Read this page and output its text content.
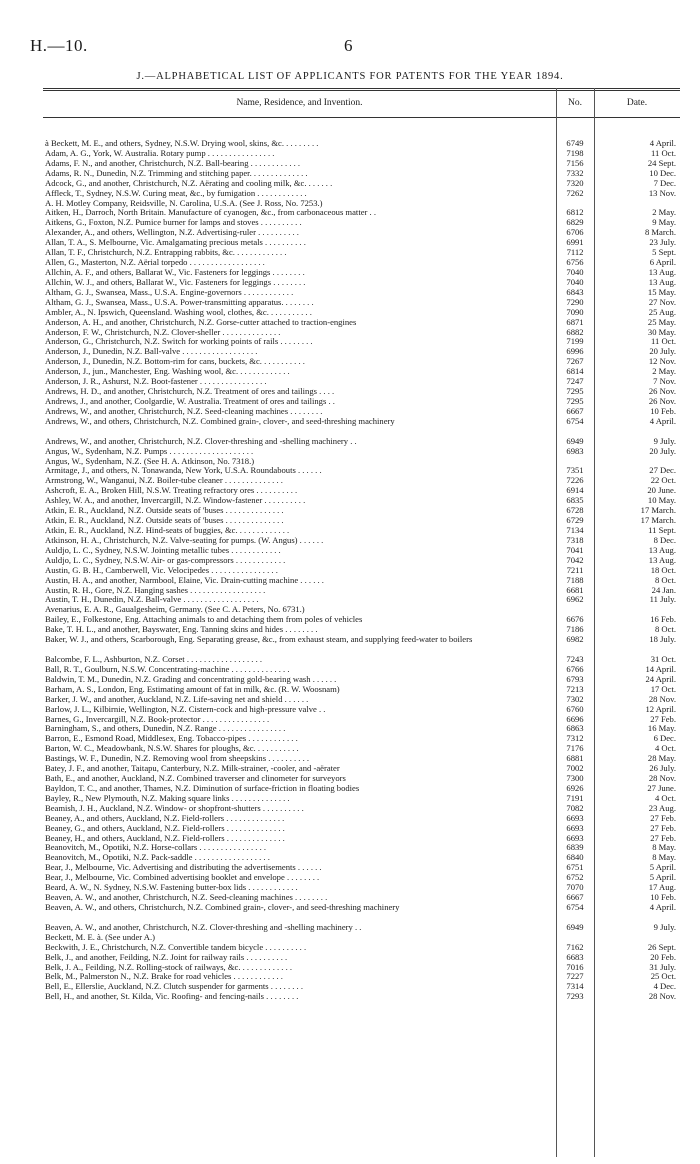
H.—10.	6
J.—ALPHABETICAL LIST OF APPLICANTS FOR PATENTS FOR THE YEAR 1894.
Name, Residence, and Invention.	No.	Date.
à Beckett, M. E., and others, Sydney, N.S.W. Drying wool, skins, &c. . . . . . . . .	6749	4 April.
Adam, A. G., York, W. Australia. Rotary pump . . . . . . . . . . . . . . . .	7198	11 Oct.
Adams, F. N., and another, Christchurch, N.Z. Ball-bearing . . . . . . . . . . . .	7156	24 Sept.
Adams, R. N., Dunedin, N.Z. Trimming and stitching paper. . . . . . . . . . . . . .	7332	10 Dec.
Adcock, G., and another, Christchurch, N.Z. Aërating and cooling milk, &c. . . . . . .	7320	7 Dec.
Affleck, T., Sydney, N.S.W. Curing meat, &c., by fumigation . . . . . . . . . . . .	7262	13 Nov.
A. H. Motley Company, Reidsville, N. Carolina, U.S.A. (See J. Ross, No. 7253.)
Aitken, H., Darroch, North Britain. Manufacture of cyanogen, &c., from carbonaceous matter . .	6812	2 May.
Aitkens, G., Foxton, N.Z. Pumice burner for lamps and stoves . . . . . . . . . .	6829	9 May.
Alexander, A., and others, Wellington, N.Z. Advertising-ruler . . . . . . . . . .	6706	8 March.
Allan, T. A., S. Melbourne, Vic. Amalgamating precious metals . . . . . . . . . .	6991	23 July.
Allan, T. F., Christchurch, N.Z. Entrapping rabbits, &c. . . . . . . . . . . . .	7112	5 Sept.
Allen, G., Masterton, N.Z. Aërial torpedo . . . . . . . . . . . . . . . . . .	6756	6 April.
Allchin, A. F., and others, Ballarat W., Vic. Fasteners for leggings . . . . . . . .	7040	13 Aug.
Allchin, W. J., and others, Ballarat W., Vic. Fasteners for leggings . . . . . . . .	7040	13 Aug.
Altham, G. J., Swansea, Mass., U.S.A. Engine-governors . . . . . . . . . . . .	6843	15 May.
Altham, G. J., Swansea, Mass., U.S.A. Power-transmitting apparatus. . . . . . . .	7290	27 Nov.
Ambler, A., N. Ipswich, Queensland. Washing wool, clothes, &c. . . . . . . . . . .	7090	25 Aug.
Anderson, A. H., and another, Christchurch, N.Z. Gorse-cutter attached to traction-engines	6871	25 May.
Anderson, F. W., Christchurch, N.Z. Clover-sheller . . . . . . . . . . . . . .	6882	30 May.
Anderson, G., Christchurch, N.Z. Switch for working points of rails . . . . . . . .	7199	11 Oct.
Anderson, J., Dunedin, N.Z. Ball-valve . . . . . . . . . . . . . . . . . .	6996	20 July.
Anderson, J., Dunedin, N.Z. Bottom-rim for cans, buckets, &c. . . . . . . . . . .	7267	12 Nov.
Anderson, J., jun., Manchester, Eng. Washing wool, &c. . . . . . . . . . . . .	6814	2 May.
Anderson, J. R., Ashurst, N.Z. Boot-fastener . . . . . . . . . . . . . . . .	7247	7 Nov.
Andrews, H. D., and another, Christchurch, N.Z. Treatment of ores and tailings . . . .	7295	26 Nov.
Andrews, J., and another, Coolgardie, W. Australia. Treatment of ores and tailings . .	7295	26 Nov.
Andrews, W., and another, Christchurch, N.Z. Seed-cleaning machines . . . . . . . .	6667	10 Feb.
Andrews, W., and others, Christchurch, N.Z. Combined grain-, clover-, and seed-threshing machinery	6754	4 April.
Andrews, W., and another, Christchurch, N.Z. Clover-threshing and -shelling machinery . .	6949	9 July.
Angus, W., Sydenham, N.Z. Pumps . . . . . . . . . . . . . . . . . . . .	6983	20 July.
Angus, W., Sydenham, N.Z. (See H. A. Atkinson, No. 7318.)
Armitage, J., and others, N. Tonawanda, New York, U.S.A. Roundabouts . . . . . .	7351	27 Dec.
Armstrong, W., Wanganui, N.Z. Boiler-tube cleaner . . . . . . . . . . . . . .	7226	22 Oct.
Ashcroft, E. A., Broken Hill, N.S.W. Treating refractory ores . . . . . . . . . .	6914	20 June.
Ashley, W. A., and another, Invercargill, N.Z. Window-fastener . . . . . . . . . .	6835	10 May.
Atkin, E. R., Auckland, N.Z. Outside seats of 'buses . . . . . . . . . . . . . .	6728	17 March.
Atkin, E. R., Auckland, N.Z. Outside seats of 'buses . . . . . . . . . . . . . .	6729	17 March.
Atkin, E. R., Auckland, N.Z. Hind-seats of buggies, &c. . . . . . . . . . . . .	7134	11 Sept.
Atkinson, H. A., Christchurch, N.Z. Valve-seating for pumps. (W. Angus) . . . . . .	7318	8 Dec.
Auldjo, L. C., Sydney, N.S.W. Jointing metallic tubes . . . . . . . . . . . .	7041	13 Aug.
Auldjo, L. C., Sydney, N.S.W. Air- or gas-compressors . . . . . . . . . . . .	7042	13 Aug.
Austin, G. B. H., Camberwell, Vic. Velocipedes . . . . . . . . . . . . . . . .	7211	18 Oct.
Austin, H. A., and another, Narmbool, Elaine, Vic. Drain-cutting machine . . . . . .	7188	8 Oct.
Austin, R. H., Gore, N.Z. Hanging sashes . . . . . . . . . . . . . . . . . .	6681	24 Jan.
Austin, T. H., Dunedin, N.Z. Ball-valve . . . . . . . . . . . . . . . . . .	6962	11 July.
Avenarius, E. A. R., Gaualgesheim, Germany. (See C. A. Peters, No. 6731.)
Bailey, E., Folkestone, Eng. Attaching animals to and detaching them from poles of vehicles	6676	16 Feb.
Bake, T. H. L., and another, Bayswater, Eng. Tanning skins and hides . . . . . . . .	7186	8 Oct.
Baker, W. J., and others, Scarborough, Eng. Separating grease, &c., from exhaust steam, and supplying feed-water to boilers	6982	18 July.
Balcombe, F. L., Ashburton, N.Z. Corset . . . . . . . . . . . . . . . . . .	7243	31 Oct.
Ball, R. T., Goulburn, N.S.W. Concentrating-machine . . . . . . . . . . . . . .	6766	14 April.
Baldwin, T. M., Dunedin, N.Z. Grading and concentrating gold-bearing wash . . . . . .	6793	24 April.
Barham, A. S., London, Eng. Estimating amount of fat in milk, &c. (R. W. Woosnam)	7213	17 Oct.
Barker, J. W., and another, Auckland, N.Z. Life-saving net and shield . . . . . .	7302	28 Nov.
Barlow, J. L., Kilbirnie, Wellington, N.Z. Cistern-cock and high-pressure valve . .	6760	12 April.
Barnes, G., Invercargill, N.Z. Book-protector . . . . . . . . . . . . . . . .	6696	27 Feb.
Barningham, S., and others, Dunedin, N.Z. Range . . . . . . . . . . . . . . . .	6863	16 May.
Barron, E., Esmond Road, Middlesex, Eng. Tobacco-pipes . . . . . . . . . . . .	7312	6 Dec.
Barton, W. C., Meadowbank, N.S.W. Shares for ploughs, &c. . . . . . . . . . .	7176	4 Oct.
Bastings, W. F., Dunedin, N.Z. Removing wool from sheepskins . . . . . . . . . .	6881	28 May.
Batey, J. F., and another, Taitapu, Canterbury, N.Z. Milk-strainer, -cooler, and -aërater	7002	26 July.
Bath, E., and another, Auckland, N.Z. Combined traverser and clinometer for surveyors	7300	28 Nov.
Bayldon, T. C., and another, Thames, N.Z. Diminution of surface-friction in floating bodies	6926	27 June.
Bayley, R., New Plymouth, N.Z. Making square links . . . . . . . . . . . . . .	7191	4 Oct.
Beamish, J. H., Auckland, N.Z. Window- or shopfront-shutters . . . . . . . . . .	7082	23 Aug.
Beaney, A., and others, Auckland, N.Z. Field-rollers . . . . . . . . . . . . . .	6693	27 Feb.
Beaney, G., and others, Auckland, N.Z. Field-rollers . . . . . . . . . . . . . .	6693	27 Feb.
Beaney, H., and others, Auckland, N.Z. Field-rollers . . . . . . . . . . . . . .	6693	27 Feb.
Beanovitch, M., Opotiki, N.Z. Horse-collars . . . . . . . . . . . . . . . .	6839	8 May.
Beanovitch, M., Opotiki, N.Z. Pack-saddle . . . . . . . . . . . . . . . . . .	6840	8 May.
Bear, J., Melbourne, Vic. Advertising and distributing the advertisements . . . . . .	6751	5 April.
Bear, J., Melbourne, Vic. Combined advertising booklet and envelope . . . . . . . .	6752	5 April.
Beard, A. W., N. Sydney, N.S.W. Fastening butter-box lids . . . . . . . . . . . .	7070	17 Aug.
Beaven, A. W., and another, Christchurch, N.Z. Seed-cleaning machines . . . . . . . .	6667	10 Feb.
Beaven, A. W., and others, Christchurch, N.Z. Combined grain-, clover-, and seed-threshing machinery	6754	4 April.
Beaven, A. W., and another, Christchurch, N.Z. Clover-threshing and -shelling machinery . .	6949	9 July.
Beckett, M. E. à. (See under A.)
Beckwith, J. E., Christchurch, N.Z. Convertible tandem bicycle . . . . . . . . . .	7162	26 Sept.
Belk, J., and another, Feilding, N.Z. Joint for railway rails . . . . . . . . . .	6683	20 Feb.
Belk, J. A., Feilding, N.Z. Rolling-stock of railways, &c. . . . . . . . . . . . .	7016	31 July.
Belk, M., Palmerston N., N.Z. Brake for road vehicles . . . . . . . . . . . .	7227	25 Oct.
Bell, E., Ellerslie, Auckland, N.Z. Clutch suspender for garments . . . . . . . .	7314	4 Dec.
Bell, H., and another, St. Kilda, Vic. Roofing- and fencing-nails . . . . . . . .	7293	28 Nov.
